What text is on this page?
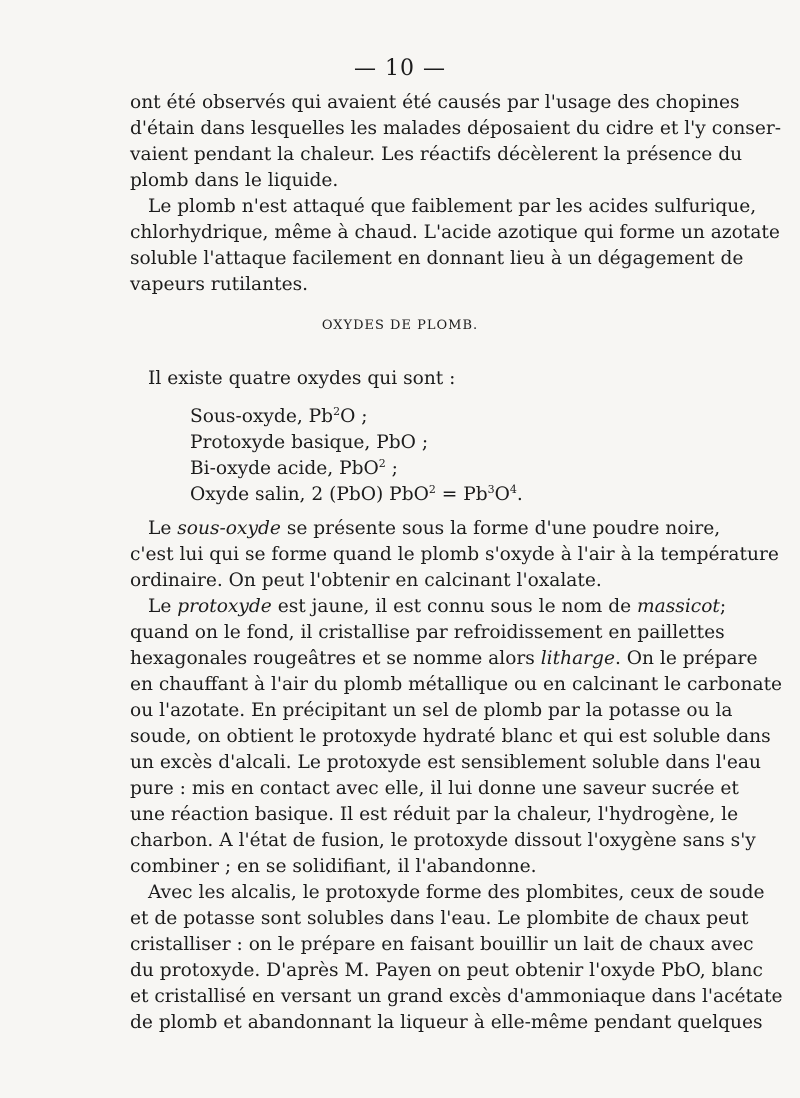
— 10 —
ont été observés qui avaient été causés par l'usage des chopines
d'étain dans lesquelles les malades déposaient du cidre et l'y conser-
vaient pendant la chaleur. Les réactifs décèlerent la présence du
plomb dans le liquide.
Le plomb n'est attaqué que faiblement par les acides sulfurique,
chlorhydrique, même à chaud. L'acide azotique qui forme un azotate
soluble l'attaque facilement en donnant lieu à un dégagement de
vapeurs rutilantes.
OXYDES DE PLOMB.
Il existe quatre oxydes qui sont :
Sous-oxyde, Pb$^2$O ;
Protoxyde basique, PbO ;
Bi-oxyde acide, PbO$^2$ ;
Oxyde salin, 2 (PbO) $PbO^2 = Pb^3O^4$.
Le sous-oxyde se présente sous la forme d'une poudre noire,
c'est lui qui se forme quand le plomb s'oxyde à l'air à la température
ordinaire. On peut l'obtenir en calcinant l'oxalate.
Le protoxyde est jaune, il est connu sous le nom de massicot;
quand on le fond, il cristallise par refroidissement en paillettes
hexagonales rougeâtres et se nomme alors litharge. On le prépare
en chauffant à l'air du plomb métallique ou en calcinant le carbonate
ou l'azotate. En précipitant un sel de plomb par la potasse ou la
soude, on obtient le protoxyde hydraté blanc et qui est soluble dans
un excès d'alcali. Le protoxyde est sensiblement soluble dans l'eau
pure : mis en contact avec elle, il lui donne une saveur sucrée et
une réaction basique. Il est réduit par la chaleur, l'hydrogène, le
charbon. A l'état de fusion, le protoxyde dissout l'oxygène sans s'y
combiner ; en se solidifiant, il l'abandonne.
Avec les alcalis, le protoxyde forme des plombites, ceux de soude
et de potasse sont solubles dans l'eau. Le plombite de chaux peut
cristalliser : on le prépare en faisant bouillir un lait de chaux avec
du protoxyde. D'après M. Payen on peut obtenir l'oxyde PbO, blanc
et cristallisé en versant un grand excès d'ammoniaque dans l'acétate
de plomb et abandonnant la liqueur à elle-même pendant quelques
